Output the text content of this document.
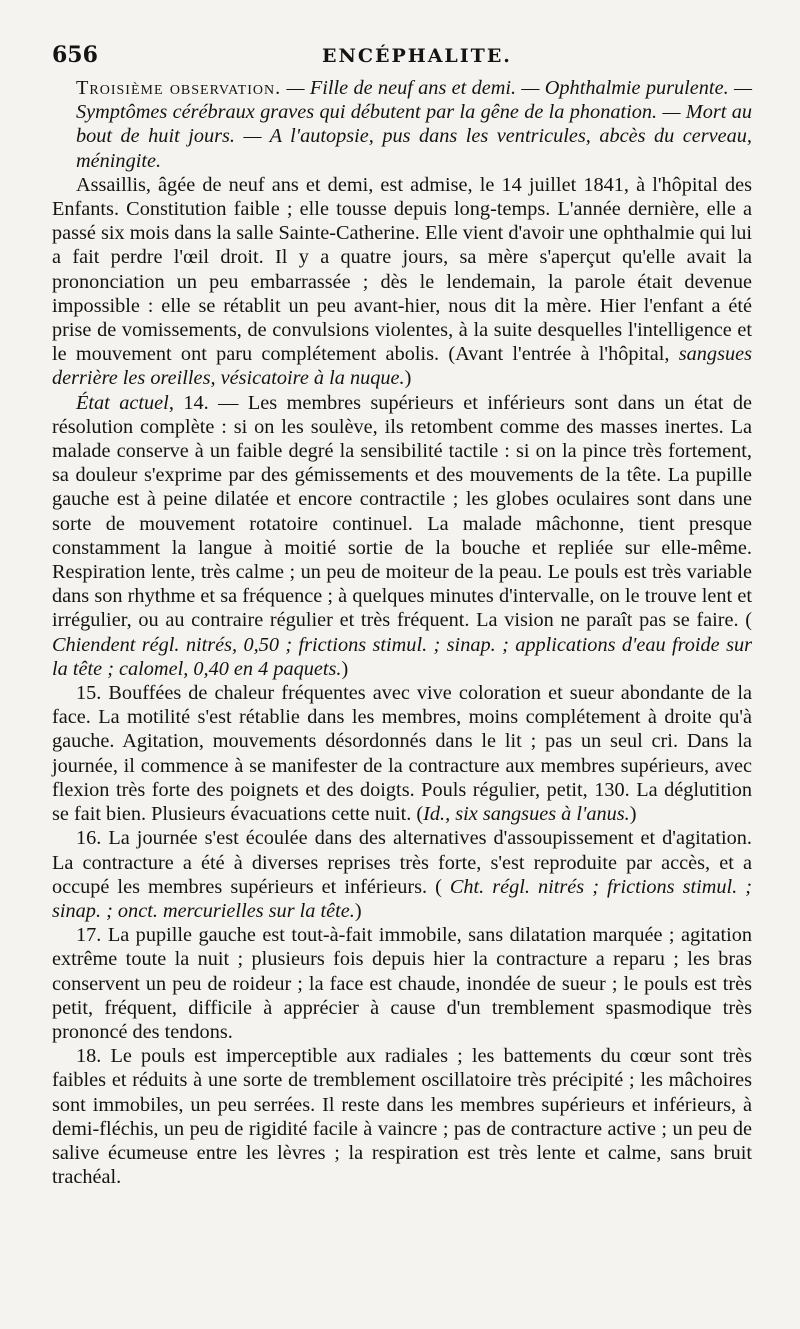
656	ENCÉPHALITE.

Troisième observation. — Fille de neuf ans et demi. — Ophthalmie purulente. — Symptômes cérébraux graves qui débutent par la gêne de la phonation. — Mort au bout de huit jours. — A l'autopsie, pus dans les ventricules, abcès du cerveau, méningite.

Assaillis, âgée de neuf ans et demi, est admise, le 14 juillet 1841, à l'hôpital des Enfants. Constitution faible ; elle tousse depuis long-temps. L'année dernière, elle a passé six mois dans la salle Sainte-Catherine. Elle vient d'avoir une ophthalmie qui lui a fait perdre l'œil droit. Il y a quatre jours, sa mère s'aperçut qu'elle avait la prononciation un peu embarrassée ; dès le lendemain, la parole était devenue impossible : elle se rétablit un peu avant-hier, nous dit la mère. Hier l'enfant a été prise de vomissements, de convulsions violentes, à la suite desquelles l'intelligence et le mouvement ont paru complétement abolis. (Avant l'entrée à l'hôpital, sangsues derrière les oreilles, vésicatoire à la nuque.)

État actuel, 14. — Les membres supérieurs et inférieurs sont dans un état de résolution complète : si on les soulève, ils retombent comme des masses inertes. La malade conserve à un faible degré la sensibilité tactile : si on la pince très fortement, sa douleur s'exprime par des gémissements et des mouvements de la tête. La pupille gauche est à peine dilatée et encore contractile ; les globes oculaires sont dans une sorte de mouvement rotatoire continuel. La malade mâchonne, tient presque constamment la langue à moitié sortie de la bouche et repliée sur elle-même. Respiration lente, très calme ; un peu de moiteur de la peau. Le pouls est très variable dans son rhythme et sa fréquence ; à quelques minutes d'intervalle, on le trouve lent et irrégulier, ou au contraire régulier et très fréquent. La vision ne paraît pas se faire. ( Chiendent régl. nitrés, 0,50 ; frictions stimul. ; sinap. ; applications d'eau froide sur la tête ; calomel, 0,40 en 4 paquets.)

15. Bouffées de chaleur fréquentes avec vive coloration et sueur abondante de la face. La motilité s'est rétablie dans les membres, moins complétement à droite qu'à gauche. Agitation, mouvements désordonnés dans le lit ; pas un seul cri. Dans la journée, il commence à se manifester de la contracture aux membres supérieurs, avec flexion très forte des poignets et des doigts. Pouls régulier, petit, 130. La déglutition se fait bien. Plusieurs évacuations cette nuit. (Id., six sangsues à l'anus.)

16. La journée s'est écoulée dans des alternatives d'assoupissement et d'agitation. La contracture a été à diverses reprises très forte, s'est reproduite par accès, et a occupé les membres supérieurs et inférieurs. ( Cht. régl. nitrés ; frictions stimul. ; sinap. ; onct. mercurielles sur la tête.)

17. La pupille gauche est tout-à-fait immobile, sans dilatation marquée ; agitation extrême toute la nuit ; plusieurs fois depuis hier la contracture a reparu ; les bras conservent un peu de roideur ; la face est chaude, inondée de sueur ; le pouls est très petit, fréquent, difficile à apprécier à cause d'un tremblement spasmodique très prononcé des tendons.

18. Le pouls est imperceptible aux radiales ; les battements du cœur sont très faibles et réduits à une sorte de tremblement oscillatoire très précipité ; les mâchoires sont immobiles, un peu serrées. Il reste dans les membres supérieurs et inférieurs, à demi-fléchis, un peu de rigidité facile à vaincre ; pas de contracture active ; un peu de salive écumeuse entre les lèvres ; la respiration est très lente et calme, sans bruit trachéal.
